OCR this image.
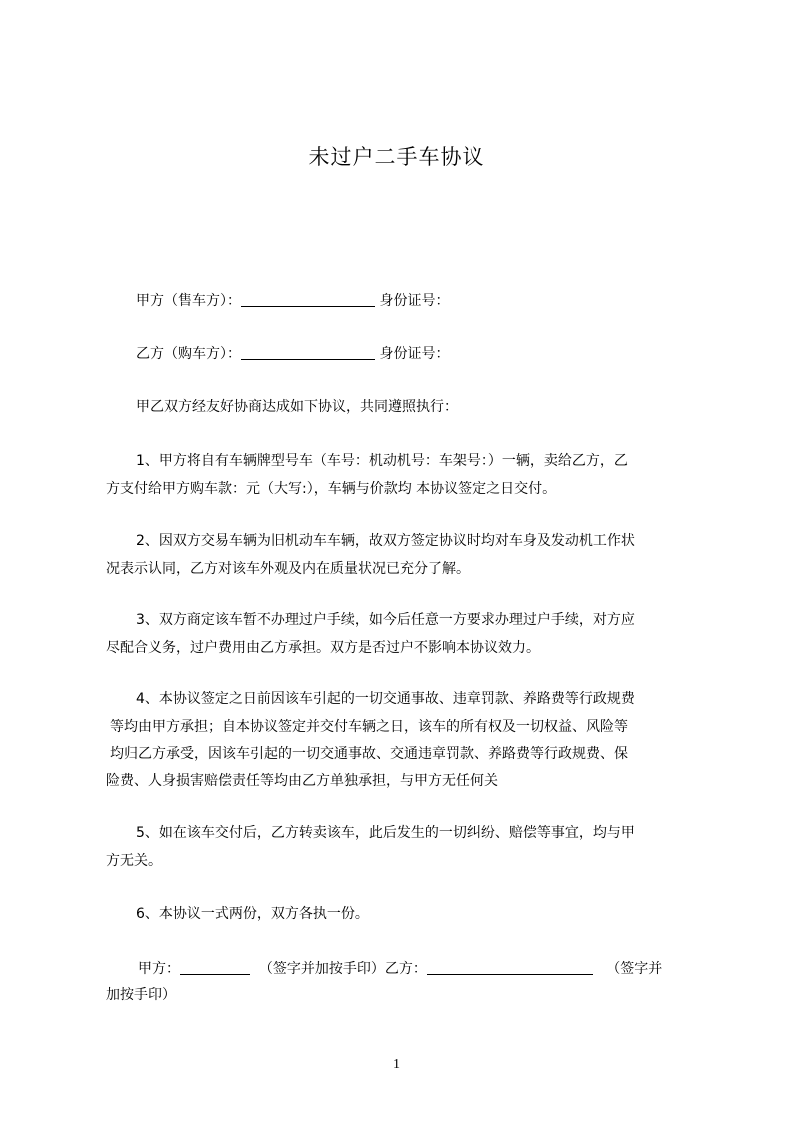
未过户二手车协议
甲方（售车方）：	身份证号：
乙方（购车方）：	身份证号：
甲乙双方经友好协商达成如下协议，共同遵照执行：
1、甲方将自有车辆牌型号车（车号：机动机号：车架号：）一辆，卖给乙方，乙
方支付给甲方购车款：元（大写:），车辆与价款均 本协议签定之日交付。
2、因双方交易车辆为旧机动车车辆，故双方签定协议时均对车身及发动机工作状
况表示认同，乙方对该车外观及内在质量状况已充分了解。
3、双方商定该车暂不办理过户手续，如今后任意一方要求办理过户手续，对方应
尽配合义务，过户费用由乙方承担。双方是否过户不影响本协议效力。
4、本协议签定之日前因该车引起的一切交通事故、违章罚款、养路费等行政规费
等均由甲方承担；自本协议签定并交付车辆之日，该车的所有权及一切权益、风险等
均归乙方承受，因该车引起的一切交通事故、交通违章罚款、养路费等行政规费、保
险费、人身损害赔偿责任等均由乙方单独承担，与甲方无任何关
5、如在该车交付后，乙方转卖该车，此后发生的一切纠纷、赔偿等事宜，均与甲
方无关。
6、本协议一式两份，双方各执一份。
甲方：	（签字并加按手印）乙方：	（签字并
加按手印）
1
